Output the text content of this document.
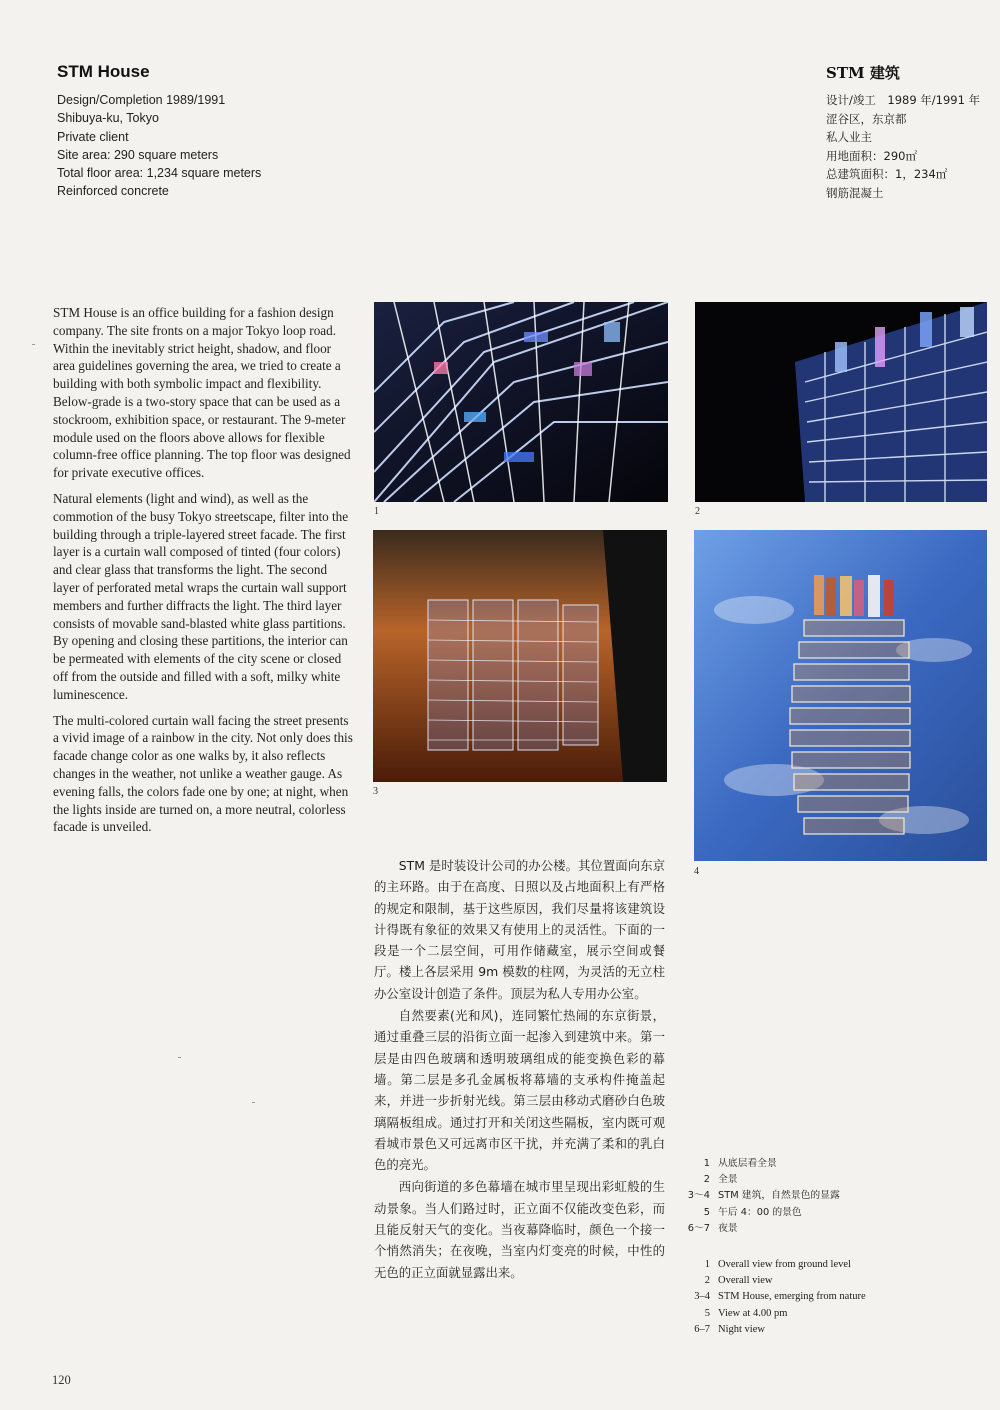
STM House
Design/Completion 1989/1991
Shibuya-ku, Tokyo
Private client
Site area: 290 square meters
Total floor area: 1,234 square meters
Reinforced concrete
STM 建筑
设计/竣工　1989 年/1991 年
涩谷区，东京都
私人业主
用地面积：290㎡
总建筑面积：1，234㎡
钢筋混凝土

STM House is an office building for a fashion design company. The site fronts on a major Tokyo loop road. Within the inevitably strict height, shadow, and floor area guidelines governing the area, we tried to create a building with both symbolic impact and flexibility. Below-grade is a two-story space that can be used as a stockroom, exhibition space, or restaurant. The 9-meter module used on the floors above allows for flexible column-free office planning. The top floor was designed for private executive offices.

Natural elements (light and wind), as well as the commotion of the busy Tokyo streetscape, filter into the building through a triple-layered street facade. The first layer is a curtain wall composed of tinted (four colors) and clear glass that transforms the light. The second layer of perforated metal wraps the curtain wall support members and further diffracts the light. The third layer consists of movable sand-blasted white glass partitions. By opening and closing these partitions, the interior can be permeated with elements of the city scene or closed off from the outside and filled with a soft, milky white luminescence.

The multi-colored curtain wall facing the street presents a vivid image of a rainbow in the city. Not only does this facade change color as one walks by, it also reflects changes in the weather, not unlike a weather gauge. As evening falls, the colors fade one by one; at night, when the lights inside are turned on, a more neutral, colorless facade is unveiled.

1	2
3
4

STM 是时装设计公司的办公楼。其位置面向东京的主环路。由于在高度、日照以及占地面积上有严格的规定和限制，基于这些原因，我们尽量将该建筑设计得既有象征的效果又有使用上的灵活性。下面的一段是一个二层空间，可用作储藏室，展示空间或餐厅。楼上各层采用 9m 模数的柱网，为灵活的无立柱办公室设计创造了条件。顶层为私人专用办公室。

自然要素(光和风)，连同繁忙热闹的东京街景，通过重叠三层的沿街立面一起渗入到建筑中来。第一层是由四色玻璃和透明玻璃组成的能变换色彩的幕墙。第二层是多孔金属板将幕墙的支承构件掩盖起来，并进一步折射光线。第三层由移动式磨砂白色玻璃隔板组成。通过打开和关闭这些隔板，室内既可观看城市景色又可远离市区干扰，并充满了柔和的乳白色的亮光。

西向街道的多色幕墙在城市里呈现出彩虹般的生动景象。当人们路过时，正立面不仅能改变色彩，而且能反射天气的变化。当夜幕降临时，颜色一个接一个悄然消失；在夜晚，当室内灯变亮的时候，中性的无色的正立面就显露出来。

1 从底层看全景
2 全景
3～4 STM 建筑，自然景色的显露
5 午后 4：00 的景色
6～7 夜景
1 Overall view from ground level
2 Overall view
3–4 STM House, emerging from nature
5 View at 4.00 pm
6–7 Night view
120
